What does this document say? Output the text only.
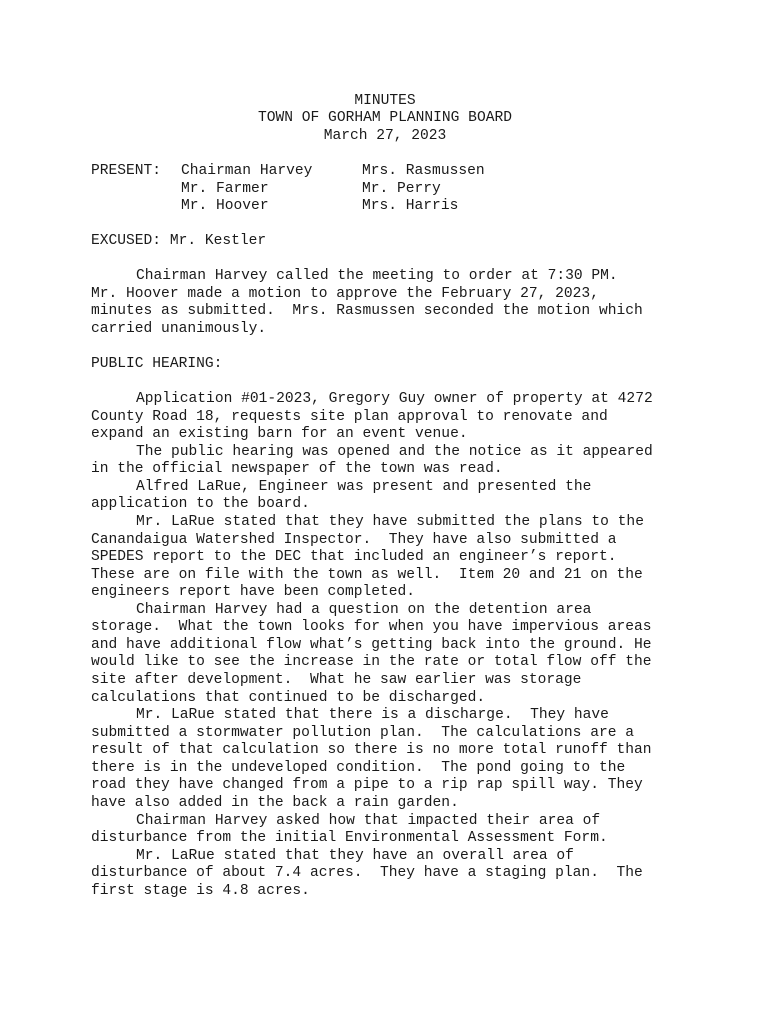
MINUTES
TOWN OF GORHAM PLANNING BOARD
March 27, 2023
PRESENT: Chairman Harvey	Mrs. Rasmussen
Mr. Farmer	Mr. Perry
Mr. Hoover	Mrs. Harris
EXCUSED: Mr. Kestler
Chairman Harvey called the meeting to order at 7:30 PM.
Mr. Hoover made a motion to approve the February 27, 2023,
minutes as submitted.  Mrs. Rasmussen seconded the motion which
carried unanimously.
PUBLIC HEARING:
Application #01-2023, Gregory Guy owner of property at 4272
County Road 18, requests site plan approval to renovate and
expand an existing barn for an event venue.
The public hearing was opened and the notice as it appeared
in the official newspaper of the town was read.
Alfred LaRue, Engineer was present and presented the
application to the board.
Mr. LaRue stated that they have submitted the plans to the
Canandaigua Watershed Inspector.  They have also submitted a
SPEDES report to the DEC that included an engineer’s report.
These are on file with the town as well.  Item 20 and 21 on the
engineers report have been completed.
Chairman Harvey had a question on the detention area
storage.  What the town looks for when you have impervious areas
and have additional flow what’s getting back into the ground. He
would like to see the increase in the rate or total flow off the
site after development.  What he saw earlier was storage
calculations that continued to be discharged.
Mr. LaRue stated that there is a discharge.  They have
submitted a stormwater pollution plan.  The calculations are a
result of that calculation so there is no more total runoff than
there is in the undeveloped condition.  The pond going to the
road they have changed from a pipe to a rip rap spill way. They
have also added in the back a rain garden.
Chairman Harvey asked how that impacted their area of
disturbance from the initial Environmental Assessment Form.
Mr. LaRue stated that they have an overall area of
disturbance of about 7.4 acres.  They have a staging plan.  The
first stage is 4.8 acres.
